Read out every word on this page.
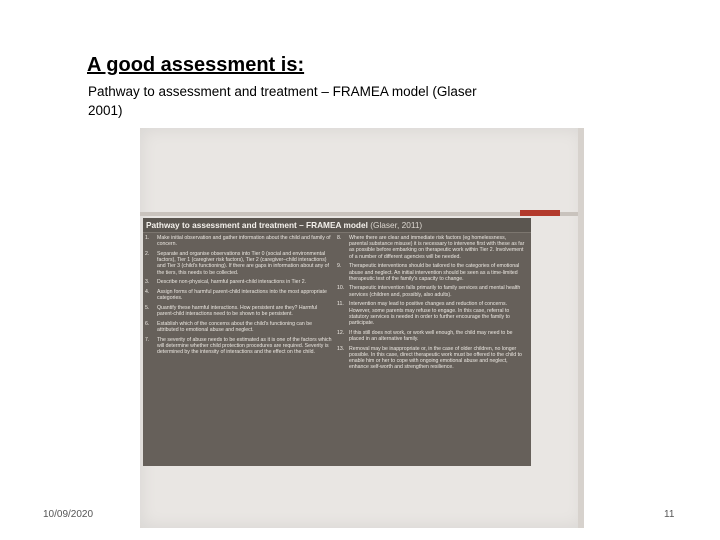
A good assessment is:
Pathway to assessment and treatment – FRAMEA model (Glaser 2001)
Pathway to assessment and treatment – FRAMEA model (Glaser, 2011)
1.	Make initial observation and gather information about the child and family of concern.
2.	Separate and organise observations into Tier 0 (social and environmental factors), Tier 1 (caregiver risk factors), Tier 2 (caregiver–child interactions) and Tier 3 (child's functioning). If there are gaps in information about any of the tiers, this needs to be collected.
3.	Describe non-physical, harmful parent-child interactions in Tier 2.
4.	Assign forms of harmful parent-child interactions into the most appropriate categories.
5.	Quantify these harmful interactions. How persistent are they? Harmful parent-child interactions need to be shown to be persistent.
6.	Establish which of the concerns about the child's functioning can be attributed to emotional abuse and neglect.
7.	The severity of abuse needs to be estimated as it is one of the factors which will determine whether child protection procedures are required. Severity is determined by the intensity of interactions and the effect on the child.
8.	Where there are clear and immediate risk factors (eg homelessness, parental substance misuse) it is necessary to intervene first with these as far as possible before embarking on therapeutic work within Tier 2. Involvement of a number of different agencies will be needed.
9.	Therapeutic interventions should be tailored to the categories of emotional abuse and neglect. An initial intervention should be seen as a time-limited therapeutic test of the family's capacity to change.
10. Therapeutic intervention falls primarily to family services and mental health services (children and, possibly, also adults).
11. Intervention may lead to positive changes and reduction of concerns. However, some parents may refuse to engage. In this case, referral to statutory services is needed in order to further encourage the family to participate.
12. If this still does not work, or work well enough, the child may need to be placed in an alternative family.
13. Removal may be inappropriate or, in the case of older children, no longer possible. In this case, direct therapeutic work must be offered to the child to enable him or her to cope with ongoing emotional abuse and neglect, enhance self-worth and strengthen resilience.
10/09/2020	11
